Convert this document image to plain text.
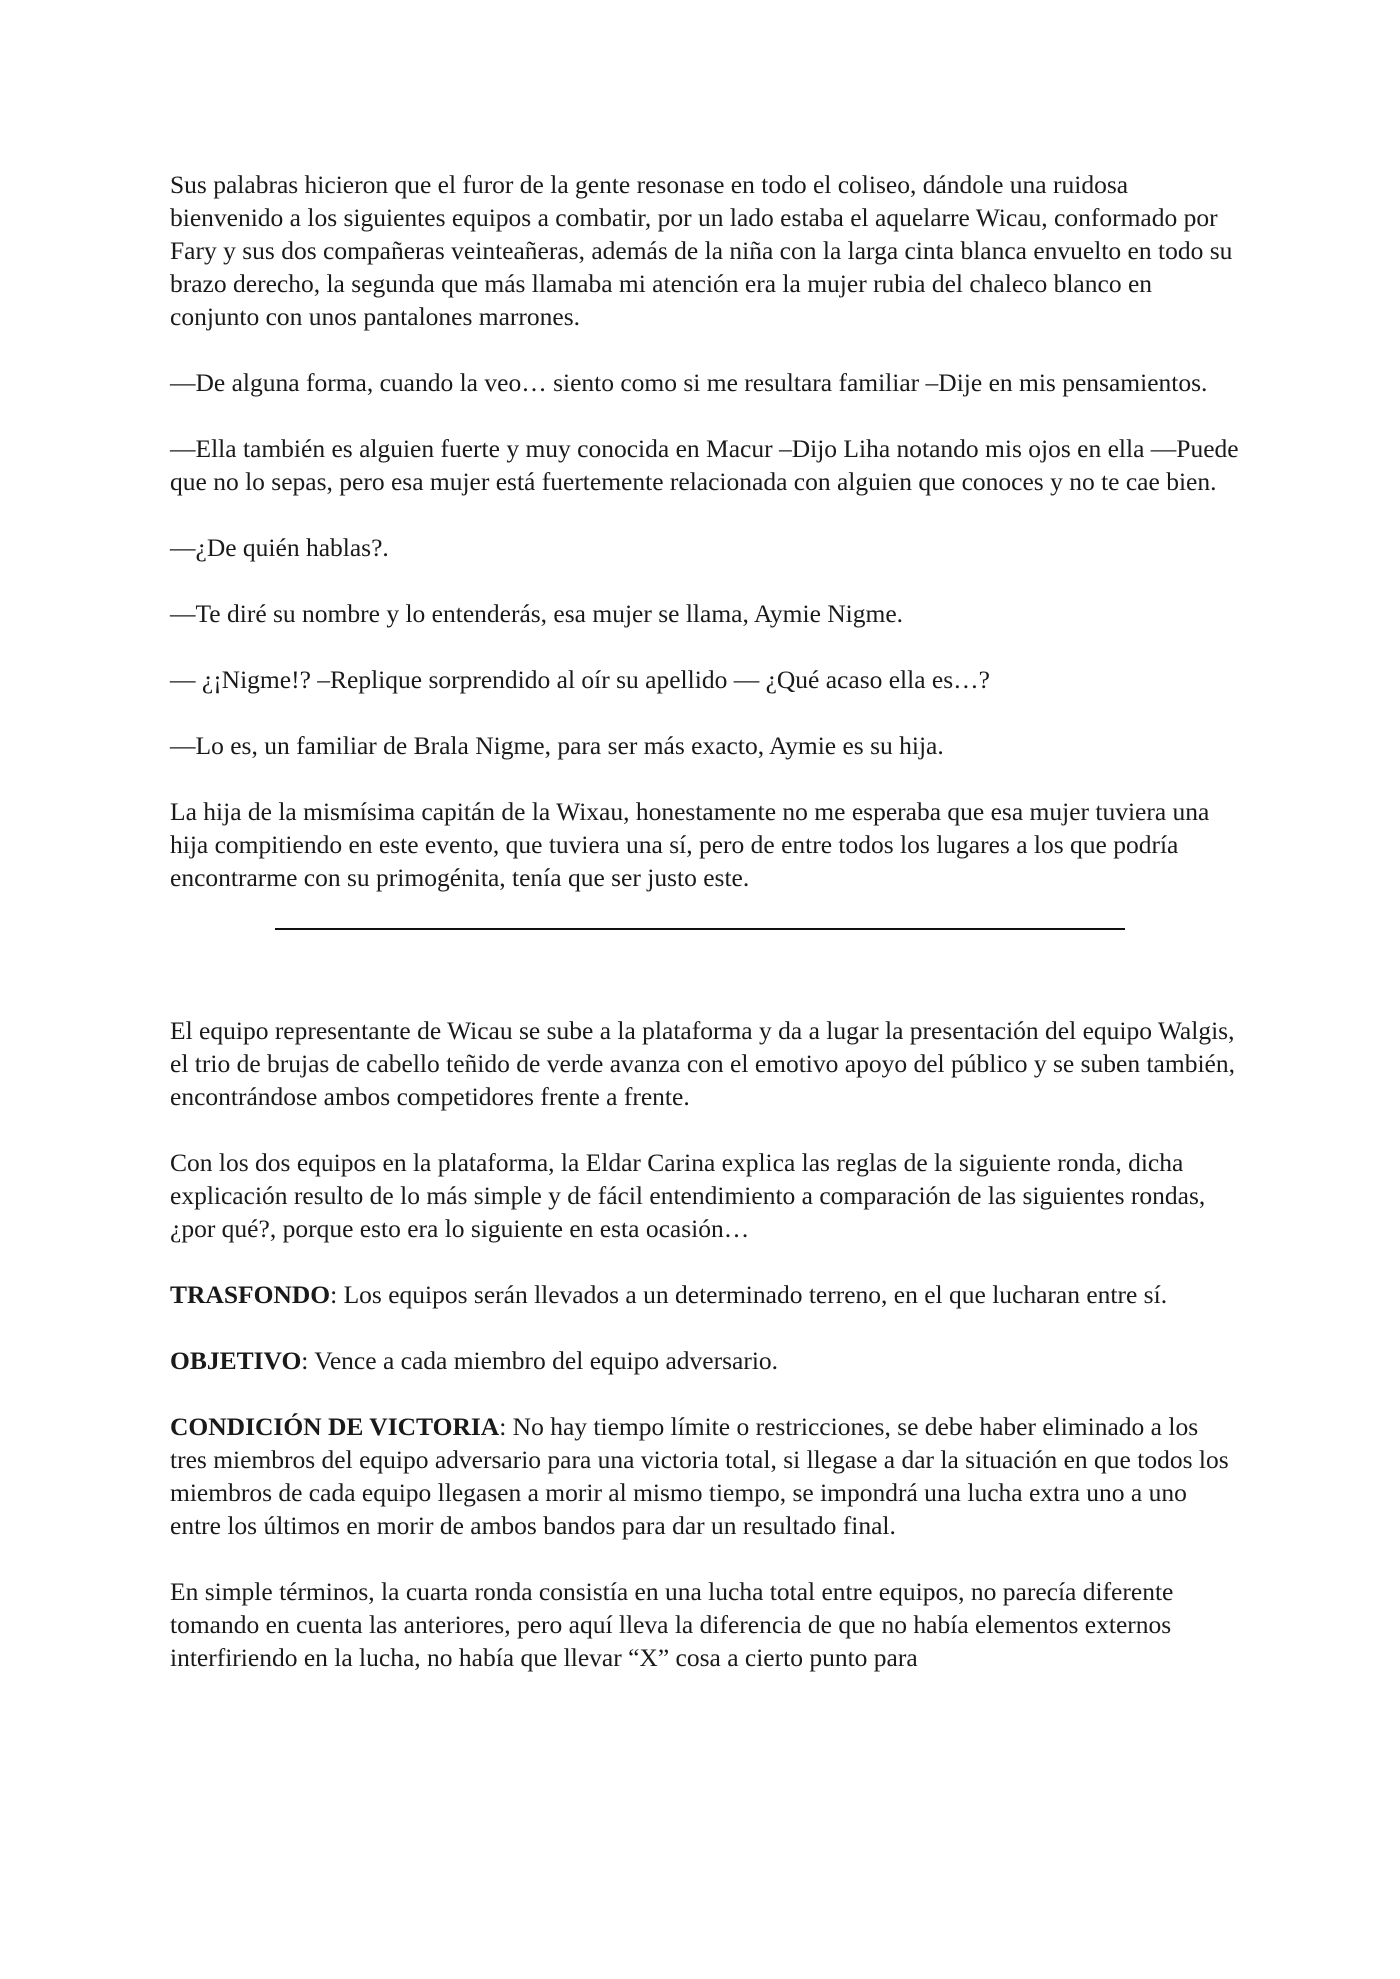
Sus palabras hicieron que el furor de la gente resonase en todo el coliseo, dándole una ruidosa bienvenido a los siguientes equipos a combatir, por un lado estaba el aquelarre Wicau, conformado por Fary y sus dos compañeras veinteañeras, además de la niña con la larga cinta blanca envuelto en todo su brazo derecho, la segunda que más llamaba mi atención era la mujer rubia del chaleco blanco en conjunto con unos pantalones marrones.

—De alguna forma, cuando la veo… siento como si me resultara familiar –Dije en mis pensamientos.

—Ella también es alguien fuerte y muy conocida en Macur –Dijo Liha notando mis ojos en ella —Puede que no lo sepas, pero esa mujer está fuertemente relacionada con alguien que conoces y no te cae bien.

—¿De quién hablas?.

—Te diré su nombre y lo entenderás, esa mujer se llama, Aymie Nigme.

— ¿¡Nigme!? –Replique sorprendido al oír su apellido — ¿Qué acaso ella es…?

—Lo es, un familiar de Brala Nigme, para ser más exacto, Aymie es su hija.

La hija de la mismísima capitán de la Wixau, honestamente no me esperaba que esa mujer tuviera una hija compitiendo en este evento, que tuviera una sí, pero de entre todos los lugares a los que podría encontrarme con su primogénita, tenía que ser justo este.

El equipo representante de Wicau se sube a la plataforma y da a lugar la presentación del equipo Walgis, el trio de brujas de cabello teñido de verde avanza con el emotivo apoyo del público y se suben también, encontrándose ambos competidores frente a frente.

Con los dos equipos en la plataforma, la Eldar Carina explica las reglas de la siguiente ronda, dicha explicación resulto de lo más simple y de fácil entendimiento a comparación de las siguientes rondas, ¿por qué?, porque esto era lo siguiente en esta ocasión…

TRASFONDO: Los equipos serán llevados a un determinado terreno, en el que lucharan entre sí.

OBJETIVO: Vence a cada miembro del equipo adversario.

CONDICIÓN DE VICTORIA: No hay tiempo límite o restricciones, se debe haber eliminado a los tres miembros del equipo adversario para una victoria total, si llegase a dar la situación en que todos los miembros de cada equipo llegasen a morir al mismo tiempo, se impondrá una lucha extra uno a uno entre los últimos en morir de ambos bandos para dar un resultado final.

En simple términos, la cuarta ronda consistía en una lucha total entre equipos, no parecía diferente tomando en cuenta las anteriores, pero aquí lleva la diferencia de que no había elementos externos interfiriendo en la lucha, no había que llevar “X” cosa a cierto punto para
